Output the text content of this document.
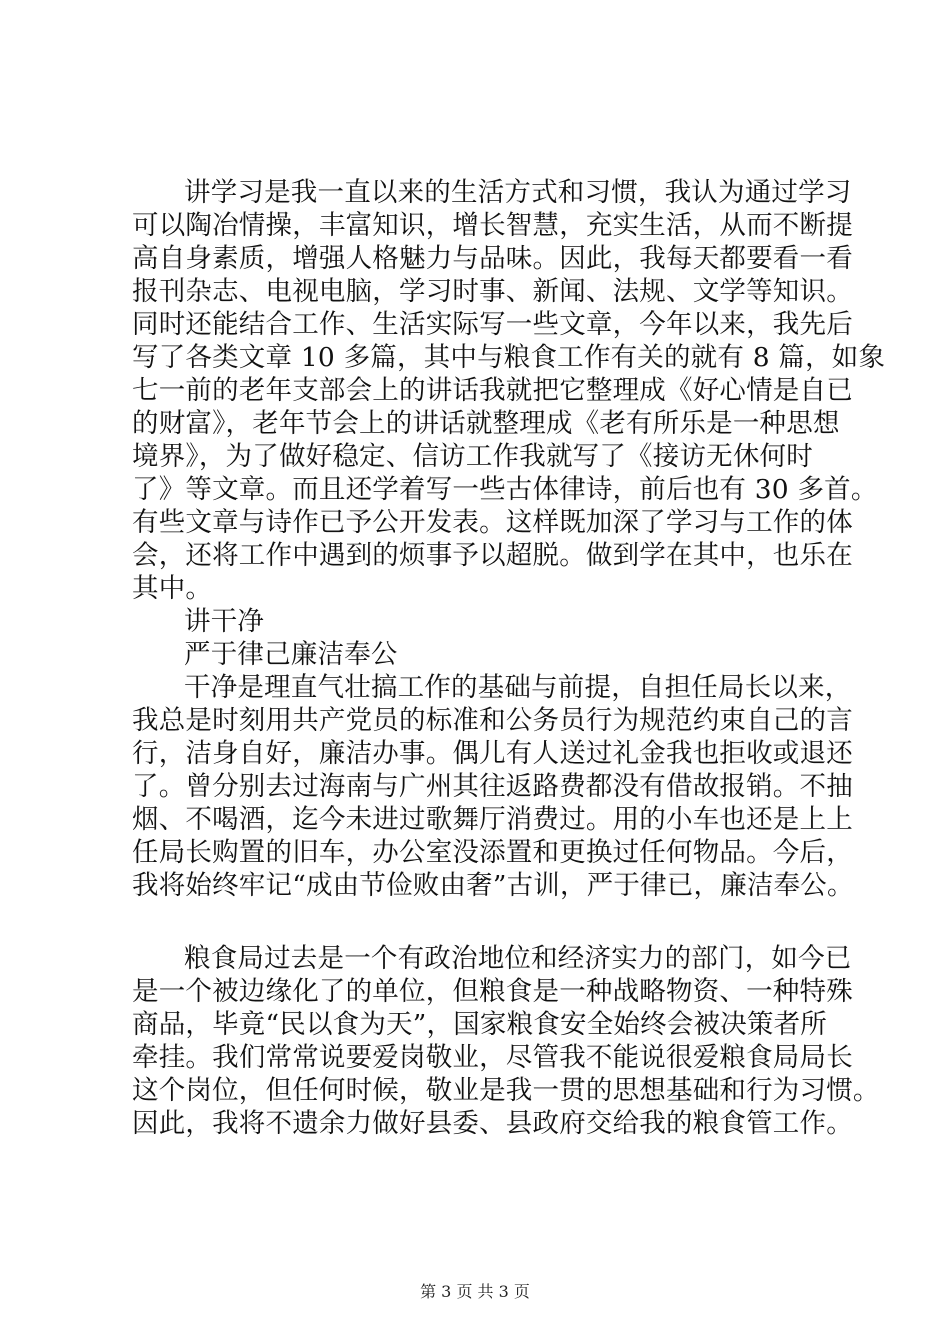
讲学习是我一直以来的生活方式和习惯，我认为通过学习
可以陶冶情操，丰富知识，增长智慧，充实生活，从而不断提
高自身素质，增强人格魅力与品味。因此，我每天都要看一看
报刊杂志、电视电脑，学习时事、新闻、法规、文学等知识。
同时还能结合工作、生活实际写一些文章，今年以来，我先后
写了各类文章 10 多篇，其中与粮食工作有关的就有 8 篇，如象
七一前的老年支部会上的讲话我就把它整理成《好心情是自已
的财富》，老年节会上的讲话就整理成《老有所乐是一种思想
境界》，为了做好稳定、信访工作我就写了《接访无休何时
了》等文章。而且还学着写一些古体律诗，前后也有 30 多首。
有些文章与诗作已予公开发表。这样既加深了学习与工作的体
会，还将工作中遇到的烦事予以超脱。做到学在其中，也乐在
其中。
讲干净
严于律己廉洁奉公
干净是理直气壮搞工作的基础与前提，自担任局长以来，
我总是时刻用共产党员的标准和公务员行为规范约束自己的言
行，洁身自好，廉洁办事。偶儿有人送过礼金我也拒收或退还
了。曾分别去过海南与广州其往返路费都没有借故报销。不抽
烟、不喝酒，迄今未进过歌舞厅消费过。用的小车也还是上上
任局长购置的旧车，办公室没添置和更换过任何物品。今后，
我将始终牢记“成由节俭败由奢”古训，严于律已，廉洁奉公。
粮食局过去是一个有政治地位和经济实力的部门，如今已
是一个被边缘化了的单位，但粮食是一种战略物资、一种特殊
商品，毕竟“民以食为天”，国家粮食安全始终会被决策者所
牵挂。我们常常说要爱岗敬业，尽管我不能说很爱粮食局局长
这个岗位，但任何时候，敬业是我一贯的思想基础和行为习惯。
因此，我将不遗余力做好县委、县政府交给我的粮食管工作。
第 3 页 共 3 页
